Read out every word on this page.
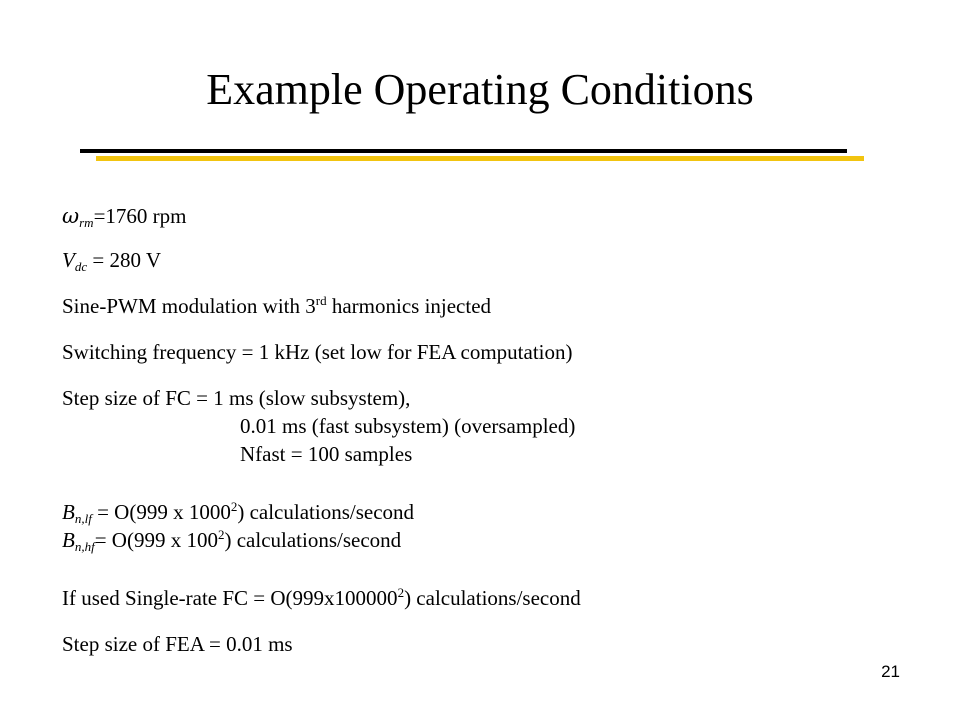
Example Operating Conditions
ωrm=1760 rpm
Vdc = 280 V
Sine-PWM modulation with 3rd harmonics injected
Switching frequency = 1 kHz (set low for FEA computation)
Step size of FC = 1 ms (slow subsystem),
0.01 ms (fast subsystem) (oversampled)
Nfast = 100 samples
Bn,lf = O(999 x 1000$^2$) calculations/second
Bn,hf= O(999 x $100^2$) calculations/second
If used Single-rate FC = $O(999x100000^2)$ calculations/second
Step size of FEA = 0.01 ms
21
